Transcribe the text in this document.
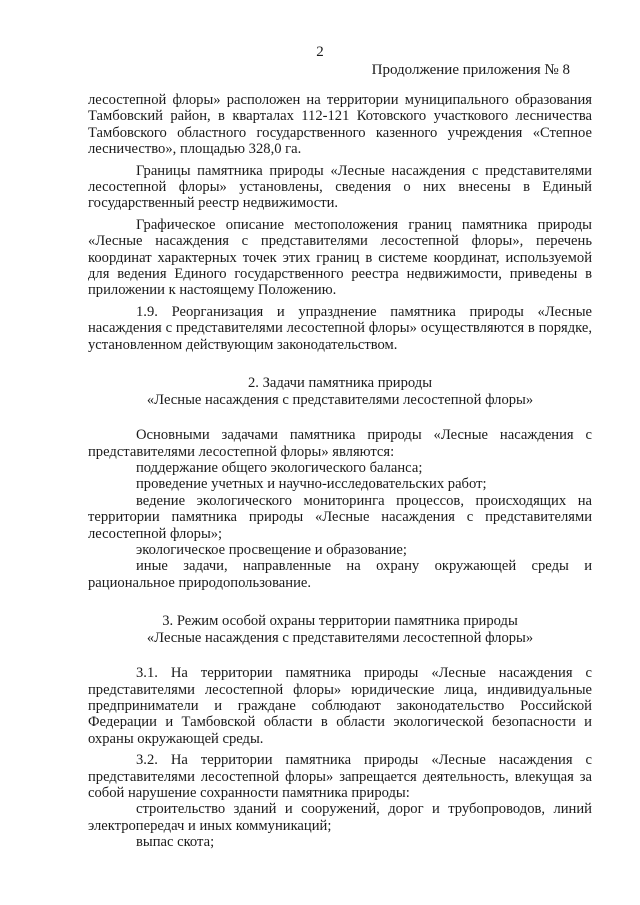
2
Продолжение приложения № 8

лесостепной флоры» расположен на территории муниципального образования Тамбовский район, в кварталах 112-121 Котовского участкового лесничества Тамбовского областного государственного казенного учреждения «Степное лесничество», площадью 328,0 га.

Границы памятника природы «Лесные насаждения с представителями лесостепной флоры» установлены, сведения о них внесены в Единый государственный реестр недвижимости.

Графическое описание местоположения границ памятника природы «Лесные насаждения с представителями лесостепной флоры», перечень координат характерных точек этих границ в системе координат, используемой для ведения Единого государственного реестра недвижимости, приведены в приложении к настоящему Положению.

1.9. Реорганизация и упразднение памятника природы «Лесные насаждения с представителями лесостепной флоры» осуществляются в порядке, установленном действующим законодательством.

2. Задачи памятника природы
«Лесные насаждения с представителями лесостепной флоры»

Основными задачами памятника природы «Лесные насаждения с представителями лесостепной флоры» являются:

поддержание общего экологического баланса;

проведение учетных и научно-исследовательских работ;

ведение экологического мониторинга процессов, происходящих на территории памятника природы «Лесные насаждения с представителями лесостепной флоры»;

экологическое просвещение и образование;

иные задачи, направленные на охрану окружающей среды и рациональное природопользование.

3. Режим особой охраны территории памятника природы
«Лесные насаждения с представителями лесостепной флоры»

3.1. На территории памятника природы «Лесные насаждения с представителями лесостепной флоры» юридические лица, индивидуальные предприниматели и граждане соблюдают законодательство Российской Федерации и Тамбовской области в области экологической безопасности и охраны окружающей среды.

3.2. На территории памятника природы «Лесные насаждения с представителями лесостепной флоры» запрещается деятельность, влекущая за собой нарушение сохранности памятника природы:

строительство зданий и сооружений, дорог и трубопроводов, линий электропередач и иных коммуникаций;

выпас скота;
